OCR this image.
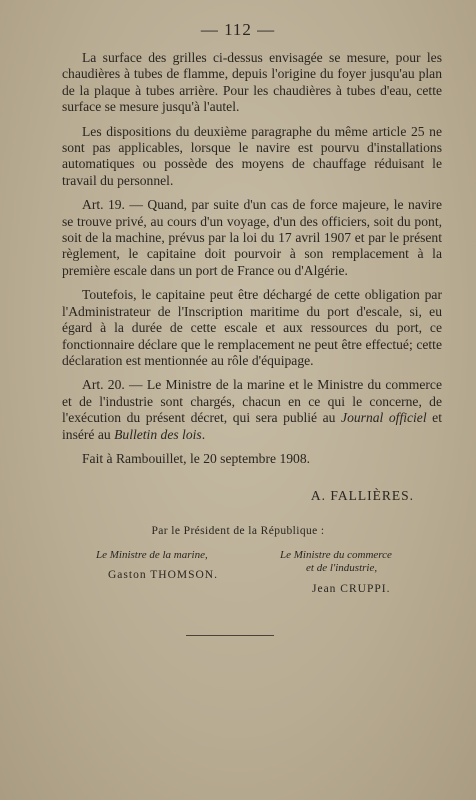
— 112 —

La surface des grilles ci-dessus envisagée se mesure, pour les chaudières à tubes de flamme, depuis l'origine du foyer jusqu'au plan de la plaque à tubes arrière. Pour les chaudières à tubes d'eau, cette surface se mesure jusqu'à l'autel.

Les dispositions du deuxième paragraphe du même article 25 ne sont pas applicables, lorsque le navire est pourvu d'installations automatiques ou possède des moyens de chauffage réduisant le travail du personnel.

Art. 19. — Quand, par suite d'un cas de force majeure, le navire se trouve privé, au cours d'un voyage, d'un des officiers, soit du pont, soit de la machine, prévus par la loi du 17 avril 1907 et par le présent règlement, le capitaine doit pourvoir à son remplacement à la première escale dans un port de France ou d'Algérie.

Toutefois, le capitaine peut être déchargé de cette obligation par l'Administrateur de l'Inscription maritime du port d'escale, si, eu égard à la durée de cette escale et aux ressources du port, ce fonctionnaire déclare que le remplacement ne peut être effectué; cette déclaration est mentionnée au rôle d'équipage.

Art. 20. — Le Ministre de la marine et le Ministre du commerce et de l'industrie sont chargés, chacun en ce qui le concerne, de l'exécution du présent décret, qui sera publié au Journal officiel et inséré au Bulletin des lois.

Fait à Rambouillet, le 20 septembre 1908.

A. FALLIÈRES.
Par le Président de la République :
Le Ministre de la marine,
Gaston THOMSON.
Le Ministre du commerce
et de l'industrie,
Jean CRUPPI.
